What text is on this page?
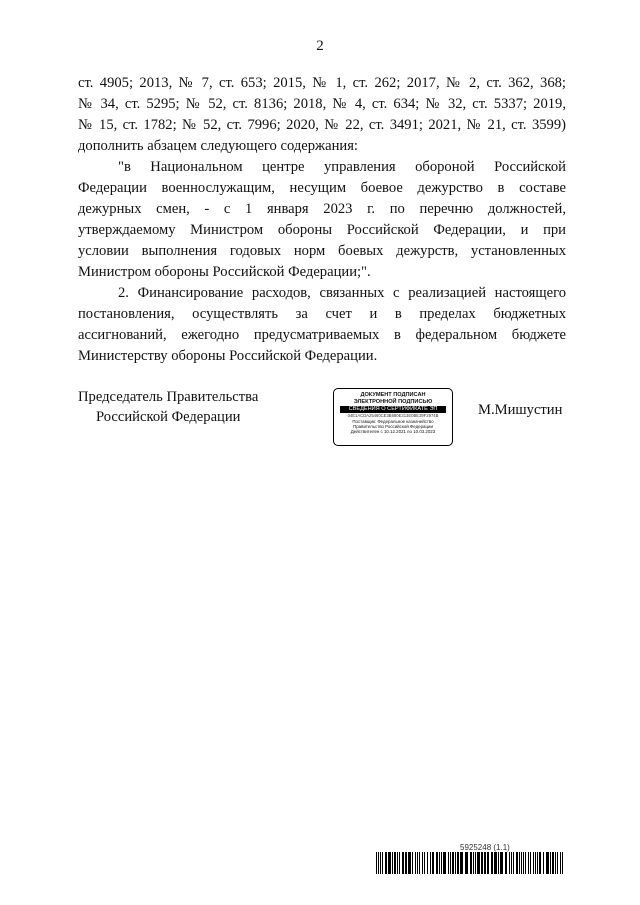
2
ст. 4905; 2013, № 7, ст. 653; 2015, № 1, ст. 262; 2017, № 2, ст. 362, 368;
№ 34, ст. 5295; № 52, ст. 8136; 2018, № 4, ст. 634; № 32, ст. 5337; 2019,
№ 15, ст. 1782; № 52, ст. 7996; 2020, № 22, ст. 3491; 2021, № 21, ст. 3599)
дополнить абзацем следующего содержания:
"в Национальном центре управления обороной Российской
Федерации военнослужащим, несущим боевое дежурство в составе
дежурных смен, - с 1 января 2023 г. по перечню должностей,
утверждаемому Министром обороны Российской Федерации, и при
условии выполнения годовых норм боевых дежурств, установленных
Министром обороны Российской Федерации;".
2. Финансирование расходов, связанных с реализацией настоящего
постановления, осуществлять за счет и в пределах бюджетных
ассигнований, ежегодно предусматриваемых в федеральном бюджете
Министерству обороны Российской Федерации.
Председатель Правительства
Российской Федерации
ДОКУМЕНТ ПОДПИСАН
ЭЛЕКТРОННОЙ ПОДПИСЬЮ
СВЕДЕНИЯ О СЕРТИФИКАТЕ ЭП
04E1ACDA25460CE3B680E313E0BE39F2974B
Поставщик: Федеральное казначейство
Правительство Российской Федерации
Действителен с 10.12.2021 по 10.03.2023
М.Мишустин
5925248 (1.1)
